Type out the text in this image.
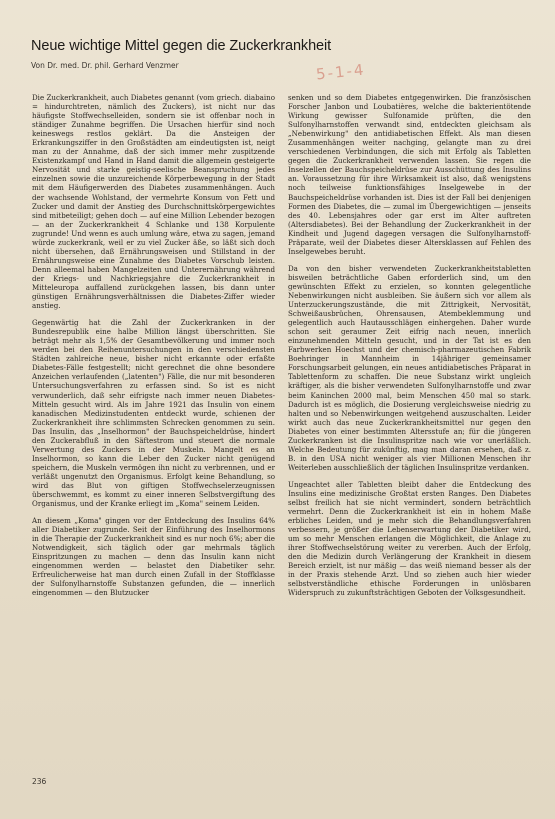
Neue wichtige Mittel gegen die Zuckerkrankheit
Von Dr. med. Dr. phil. Gerhard Venzmer	5-1-4

Die Zuckerkrankheit, auch Diabetes genannt (vom griech. diabaino = hindurchtreten, nämlich des Zuckers), ist nicht nur das häufigste Stoffwechselleiden, sondern sie ist offenbar noch in ständiger Zunahme begriffen. Die Ursachen hierfür sind noch keineswegs restlos geklärt. Da die Ansteigen der Erkrankungsziffer in den Großstädten am eindeutigsten ist, neigt man zu der Annahme, daß der sich immer mehr zuspitzende Existenzkampf und Hand in Hand damit die allgemein gesteigerte Nervosität und starke geistig-seelische Beanspruchung jedes einzelnen sowie die unzureichende Körperbewegung in der Stadt mit dem Häufigerwerden des Diabetes zusammenhängen. Auch der wachsende Wohlstand, der vermehrte Konsum von Fett und Zucker und damit der Anstieg des Durchschnittskörpergewichtes sind mitbeteiligt; gehen doch — auf eine Million Lebender bezogen — an der Zuckerkrankheit 4 Schlanke und 138 Korpulente zugrunde! Und wenn es auch umlung wäre, etwa zu sagen, jemand würde zuckerkrank, weil er zu viel Zucker äße, so läßt sich doch nicht übersehen, daß Ernährungsweisen und Stillstand in der Ernährungsweise eine Zunahme des Diabetes Vorschub leisten. Denn alleemal haben Mangelzeiten und Unterernährung während der Kriegs- und Nachkriegsjahre die Zuckerkrankheit in Mitteleuropa auffallend zurückgehen lassen, bis dann unter günstigen Ernährungsverhältnissen die Diabetes-Ziffer wieder anstieg.

Gegenwärtig hat die Zahl der Zuckerkranken in der Bundesrepublik eine halbe Million längst überschritten. Sie beträgt mehr als 1,5% der Gesamtbevölkerung und immer noch werden bei den Reihenuntersuchungen in den verschiedensten Städten zahlreiche neue, bisher nicht erkannte oder erfaßte Diabetes-Fälle festgestellt; nicht gerechnet die ohne besondere Anzeichen verlaufenden („latenten") Fälle, die nur mit besonderen Untersuchungsverfahren zu erfassen sind. So ist es nicht verwunderlich, daß sehr eifrigste nach immer neuen Diabetes-Mitteln gesucht wird. Als im Jahre 1921 das Insulin von einem kanadischen Medizinstudenten entdeckt wurde, schienen der Zuckerkrankheit ihre schlimmsten Schrecken genommen zu sein. Das Insulin, das „Inselhormon" der Bauchspeicheldrüse, hindert den Zuckerabfluß in den Säftestrom und steuert die normale Verwertung des Zuckers in der Muskeln. Mangelt es an Inselhormon, so kann die Leber den Zucker nicht genügend speichern, die Muskeln vermögen ihn nicht zu verbrennen, und er verläßt ungenutzt den Organismus. Erfolgt keine Behandlung, so wird das Blut von giftigen Stoffwechselerzeugnissen überschwemmt, es kommt zu einer inneren Selbstvergiftung des Organismus, und der Kranke erliegt im „Koma" seinem Leiden.

An diesem „Koma" gingen vor der Entdeckung des Insulins 64% aller Diabetiker zugrunde. Seit der Einführung des Inselhormons in die Therapie der Zuckerkrankheit sind es nur noch 6%; aber die Notwendigkeit, sich täglich oder gar mehrmals täglich Einspritzungen zu machen — denn das Insulin kann nicht eingenommen werden — belastet den Diabetiker sehr. Erfreulicherweise hat man durch einen Zufall in der Stoffklasse der Sulfonylharnstoffe Substanzen gefunden, die — innerlich eingenommen — den Blutzucker

senken und so dem Diabetes entgegenwirken. Die französischen Forscher Janbon und Loubatières, welche die bakterientötende Wirkung gewisser Sulfonamide prüften, die den Sulfonylharnstoffen verwandt sind, entdeckten gleichsam als „Nebenwirkung" den antidiabetischen Effekt. Als man diesen Zusammenhängen weiter nachging, gelangte man zu drei verschiedenen Verbindungen, die sich mit Erfolg als Tabletten gegen die Zuckerkrankheit verwenden lassen. Sie regen die Inselzellen der Bauchspeicheldrüse zur Ausschüttung des Insulins an. Voraussetzung für ihre Wirksamkeit ist also, daß wenigstens noch teilweise funktionsfähiges Inselgewebe in der Bauchspeicheldrüse vorhanden ist. Dies ist der Fall bei denjenigen Formen des Diabetes, die — zumal im Übergewichtigen — jenseits des 40. Lebensjahres oder gar erst im Alter auftreten (Altersdiabetes). Bei der Behandlung der Zuckerkrankheit in der Kindheit und Jugend dagegen versagen die Sulfonylharnstoff-Präparate, weil der Diabetes dieser Altersklassen auf Fehlen des Inselgewebes beruht.

Da von den bisher verwendeten Zuckerkrankheitstabletten bisweilen beträchtliche Gaben erforderlich sind, um den gewünschten Effekt zu erzielen, so konnten gelegentliche Nebenwirkungen nicht ausbleiben. Sie äußern sich vor allem als Unterzuckerungszustände, die mit Zittrigkeit, Nervosität, Schweißausbrüchen, Ohrensausen, Atembeklemmung und gelegentlich auch Hautausschlägen einhergehen. Daher wurde schon seit geraumer Zeit eifrig nach neuen, innerlich einzunehmenden Mitteln gesucht, und in der Tat ist es den Farbwerken Hoechst und der chemisch-pharmazeutischen Fabrik Boehringer in Mannheim in 14jähriger gemeinsamer Forschungsarbeit gelungen, ein neues antidiabetisches Präparat in Tablettenform zu schaffen. Die neue Substanz wirkt ungleich kräftiger, als die bisher verwendeten Sulfonylharnstoffe und zwar beim Kaninchen 2000 mal, beim Menschen 450 mal so stark. Dadurch ist es möglich, die Dosierung vergleichsweise niedrig zu halten und so Nebenwirkungen weitgehend auszuschalten. Leider wirkt auch das neue Zuckerkrankheitsmittel nur gegen den Diabetes von einer bestimmten Altersstufe an; für die jüngeren Zuckerkranken ist die Insulinspritze nach wie vor unerläßlich. Welche Bedeutung für zukünftig, mag man daran ersehen, daß z. B. in den USA nicht weniger als vier Millionen Menschen ihr Weiterleben ausschließlich der täglichen Insulinspritze verdanken.

Ungeachtet aller Tabletten bleibt daher die Entdeckung des Insulins eine medizinische Großtat ersten Ranges. Den Diabetes selbst freilich hat sie nicht vermindert, sondern beträchtlich vermehrt. Denn die Zuckerkrankheit ist ein in hohem Maße erbliches Leiden, und je mehr sich die Behandlungsverfahren verbessern, je größer die Lebenserwartung der Diabetiker wird, um so mehr Menschen erlangen die Möglichkeit, die Anlage zu ihrer Stoffwechselstörung weiter zu vererben. Auch der Erfolg, den die Medizin durch Verlängerung der Krankheit in diesem Bereich erzielt, ist nur mäßig — das weiß niemand besser als der in der Praxis stehende Arzt. Und so ziehen auch hier wieder selbstverständliche ethische Forderungen in unlösbaren Widerspruch zu zukunftsträchtigen Geboten der Volksgesundheit.

236
